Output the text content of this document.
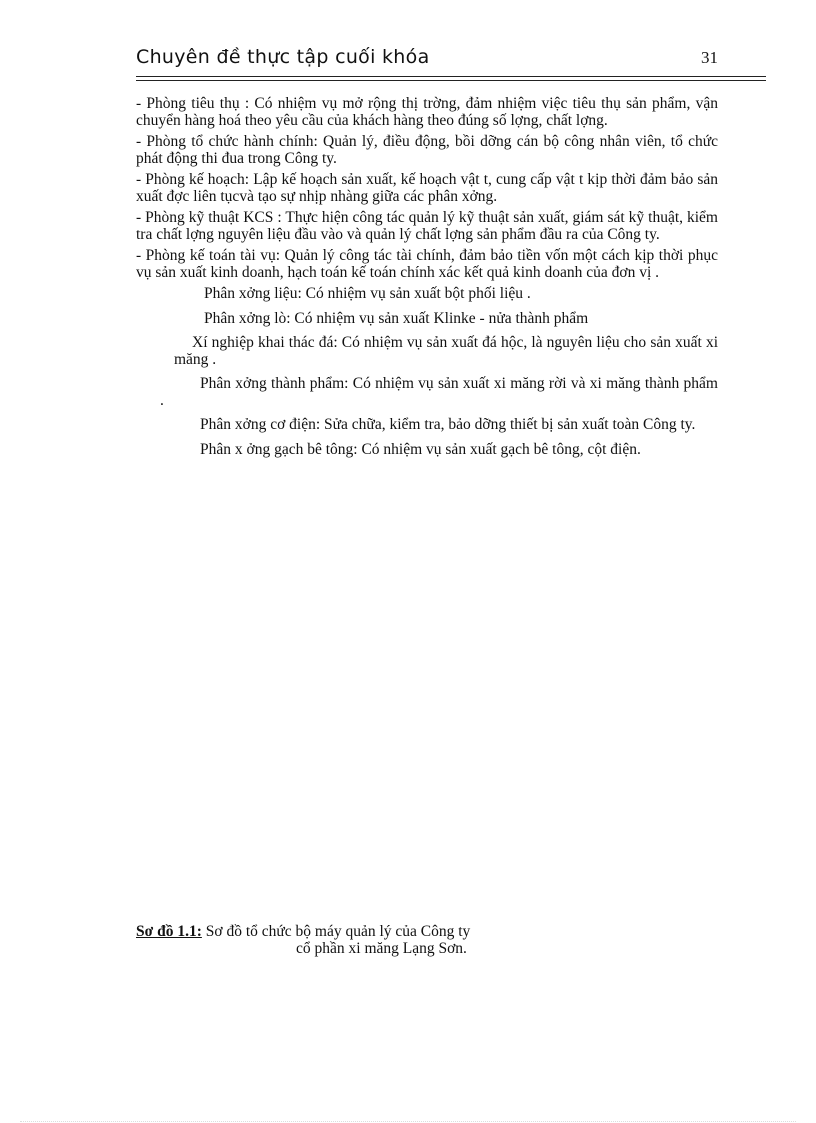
Chuyên đề thực tập cuối khóa	31

- Phòng tiêu thụ : Có nhiệm vụ mở rộng thị trờng, đảm nhiệm việc tiêu thụ sản phẩm, vận chuyển hàng hoá theo yêu cầu của khách hàng theo đúng số lợng, chất lợng.

- Phòng tổ chức hành chính: Quản lý, điều động, bồi dỡng cán bộ công nhân viên, tổ chức phát động thi đua trong Công ty.

- Phòng kế hoạch: Lập kế hoạch sản xuất, kế hoạch vật t, cung cấp vật t kịp thời đảm bảo sản xuất đợc liên tụcvà tạo sự nhịp nhàng giữa các phân xởng.

- Phòng kỹ thuật KCS : Thực hiện công tác quản lý kỹ thuật sản xuất, giám sát kỹ thuật, kiểm tra chất lợng nguyên liệu đầu vào và quản lý chất lợng sản phẩm đầu ra của Công ty.

- Phòng kế toán tài vụ: Quản lý công tác tài chính, đảm bảo tiền vốn một cách kịp thời phục vụ sản xuất kinh doanh, hạch toán kế toán chính xác kết quả kinh doanh của đơn vị .

Phân xởng liệu: Có nhiệm vụ sản xuất bột phối liệu .

Phân xởng lò: Có nhiệm vụ sản xuất Klinke - nửa thành phẩm

Xí nghiệp khai thác đá: Có nhiệm vụ sản xuất đá hộc, là nguyên liệu cho sản xuất xi măng .

Phân xởng thành phẩm: Có nhiệm vụ sản xuất xi măng rời và xi măng thành phẩm .

Phân xởng cơ điện: Sửa chữa, kiểm tra, bảo dỡng thiết bị sản xuất toàn Công ty.

Phân x ởng gạch bê tông: Có nhiệm vụ sản xuất gạch bê tông, cột điện.

Sơ đồ 1.1: Sơ đồ tổ chức bộ máy quản lý của Công ty
cổ phần xi măng Lạng Sơn.
